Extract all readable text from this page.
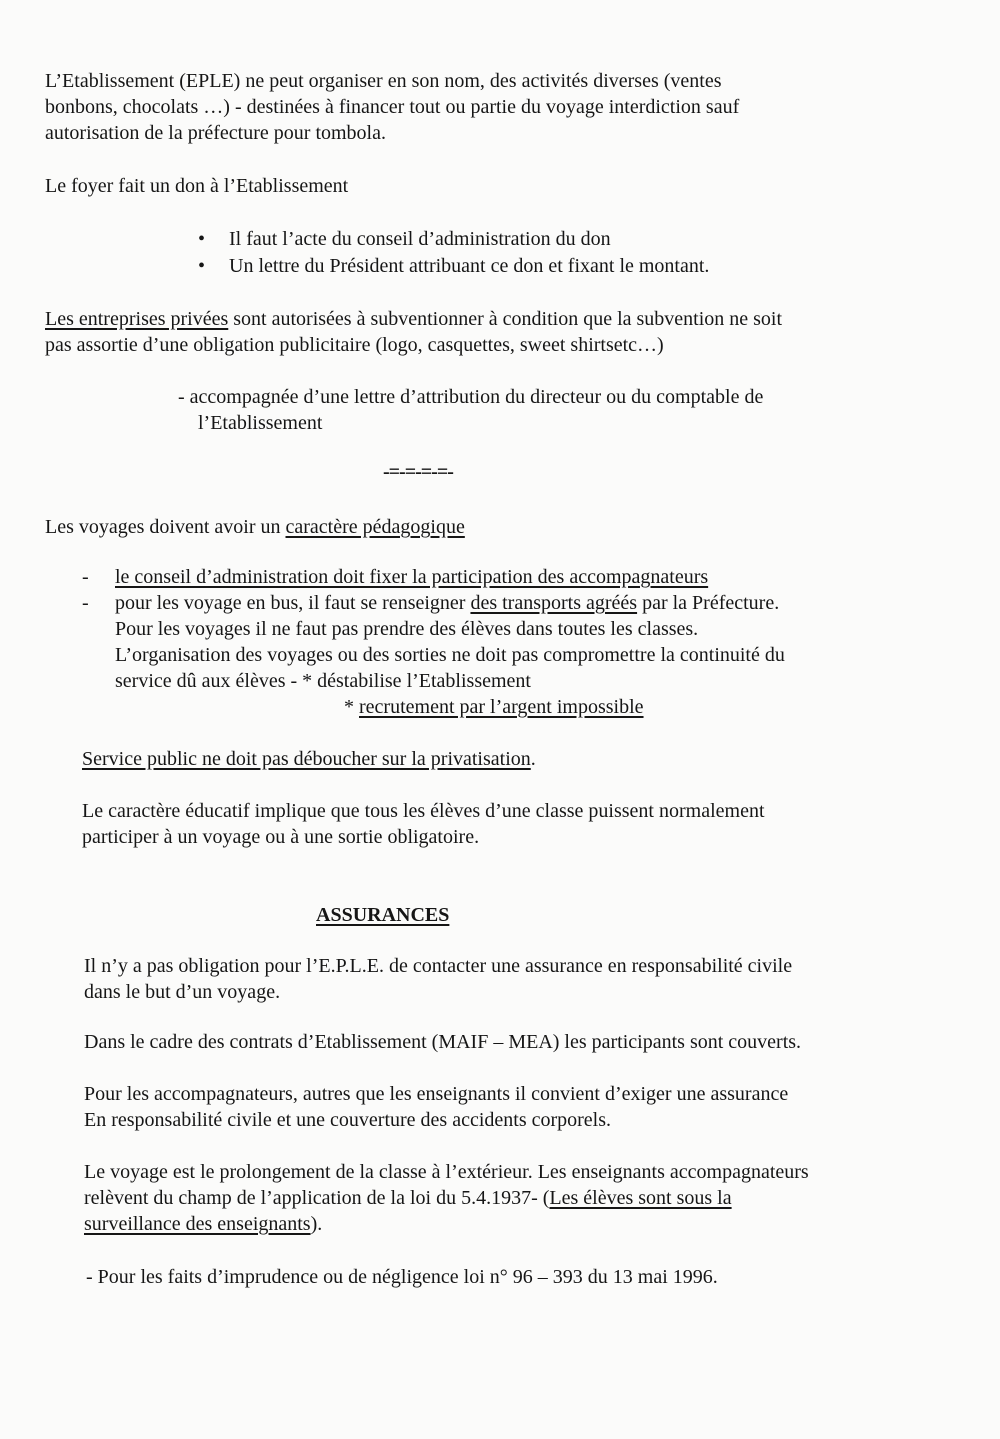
L’Etablissement (EPLE) ne peut organiser en son nom, des activités diverses (ventes
bonbons, chocolats …) - destinées à financer tout ou partie du voyage interdiction sauf
autorisation de la préfecture pour tombola.
Le foyer fait un don à l’Etablissement
• Il faut l’acte du conseil d’administration du don
• Un lettre du Président attribuant ce don et fixant le montant.
Les entreprises privées sont autorisées à subventionner à condition que la subvention ne soit
pas assortie d’une obligation publicitaire (logo, casquettes, sweet shirtsetc…)
- accompagnée d’une lettre d’attribution du directeur ou du comptable de
l’Etablissement
-=-=-=-=-
Les voyages doivent avoir un caractère pédagogique
- le conseil d’administration doit fixer la participation des accompagnateurs
- pour les voyage en bus, il faut se renseigner des transports agréés par la Préfecture.
Pour les voyages il ne faut pas prendre des élèves dans toutes les classes.
L’organisation des voyages ou des sorties ne doit pas compromettre la continuité du
service dû aux élèves - * déstabilise l’Etablissement
* recrutement par l’argent impossible
Service public ne doit pas déboucher sur la privatisation.
Le caractère éducatif implique que tous les élèves d’une classe puissent normalement
participer à un voyage ou à une sortie obligatoire.
ASSURANCES
Il n’y a pas obligation pour l’E.P.L.E. de contacter une assurance en responsabilité civile
dans le but d’un voyage.
Dans le cadre des contrats d’Etablissement (MAIF – MEA) les participants sont couverts.
Pour les accompagnateurs, autres que les enseignants il convient d’exiger une assurance
En responsabilité civile et une couverture des accidents corporels.
Le voyage est le prolongement de la classe à l’extérieur. Les enseignants accompagnateurs
relèvent du champ de l’application de la loi du 5.4.1937- (Les élèves sont sous la
surveillance des enseignants).
- Pour les faits d’imprudence ou de négligence loi n° 96 – 393 du 13 mai 1996.
